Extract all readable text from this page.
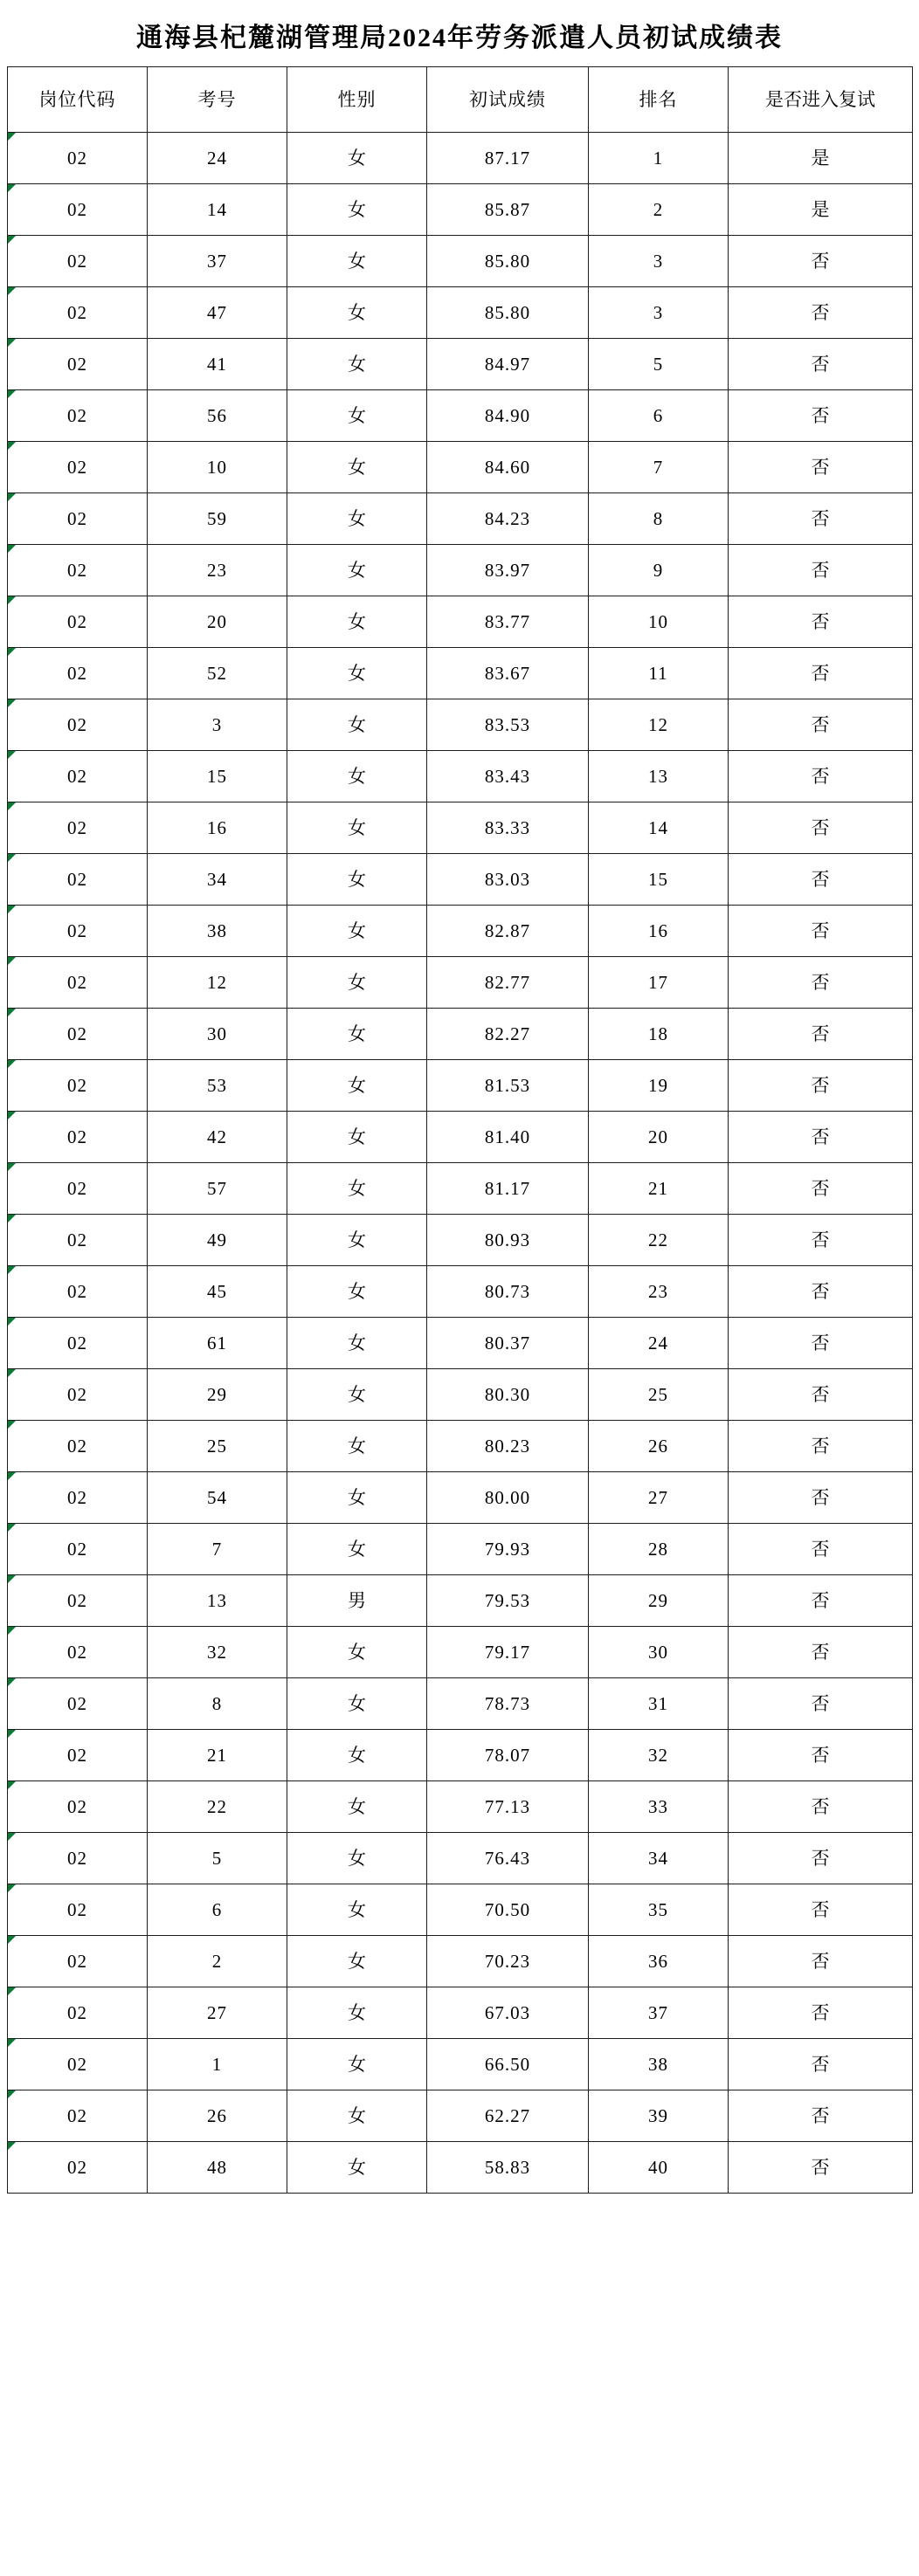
通海县杞麓湖管理局2024年劳务派遣人员初试成绩表
岗位代码	考号	性别	初试成绩	排名	是否进入复试
02	24	女	87.17	1	是
02	14	女	85.87	2	是
02	37	女	85.80	3	否
02	47	女	85.80	3	否
02	41	女	84.97	5	否
02	56	女	84.90	6	否
02	10	女	84.60	7	否
02	59	女	84.23	8	否
02	23	女	83.97	9	否
02	20	女	83.77	10	否
02	52	女	83.67	11	否
02	3	女	83.53	12	否
02	15	女	83.43	13	否
02	16	女	83.33	14	否
02	34	女	83.03	15	否
02	38	女	82.87	16	否
02	12	女	82.77	17	否
02	30	女	82.27	18	否
02	53	女	81.53	19	否
02	42	女	81.40	20	否
02	57	女	81.17	21	否
02	49	女	80.93	22	否
02	45	女	80.73	23	否
02	61	女	80.37	24	否
02	29	女	80.30	25	否
02	25	女	80.23	26	否
02	54	女	80.00	27	否
02	7	女	79.93	28	否
02	13	男	79.53	29	否
02	32	女	79.17	30	否
02	8	女	78.73	31	否
02	21	女	78.07	32	否
02	22	女	77.13	33	否
02	5	女	76.43	34	否
02	6	女	70.50	35	否
02	2	女	70.23	36	否
02	27	女	67.03	37	否
02	1	女	66.50	38	否
02	26	女	62.27	39	否
02	48	女	58.83	40	否
